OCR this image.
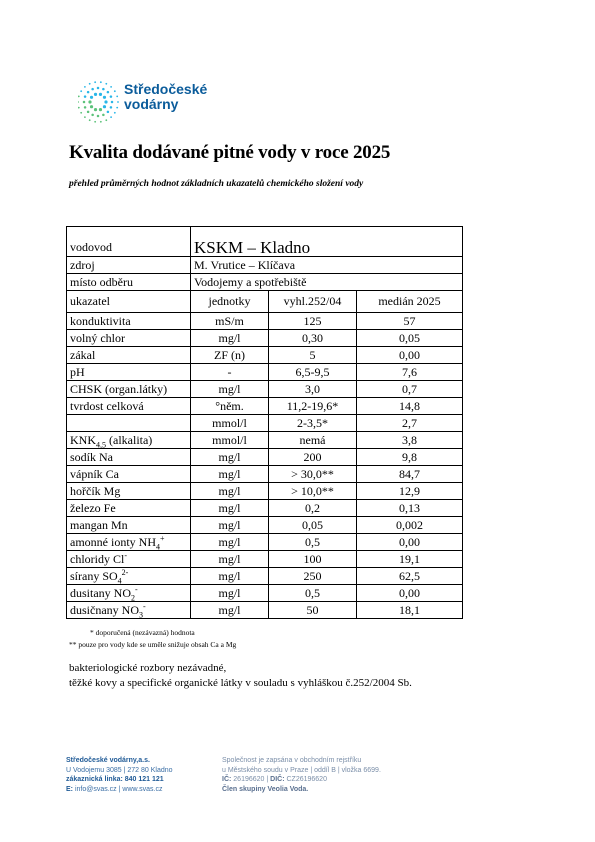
Středočeské
vodárny
Kvalita dodávané pitné vody v roce 2025
přehled průměrných hodnot základních ukazatelů chemického složení vody
vodovod	KSKM – Kladno		
zdroj	M. Vrutice – Klíčava		
místo odběru	Vodojemy a spotřebiště		
ukazatel	jednotky	vyhl.252/04	medián 2025
konduktivita	mS/m	125	57
volný chlor	mg/l	0,30	0,05
zákal	ZF (n)	5	0,00
pH	-	6,5-9,5	7,6
CHSK (organ.látky)	mg/l	3,0	0,7
tvrdost celková	°něm.	11,2-19,6*	14,8
	mmol/l	2-3,5*	2,7
$KNK_{4,5}$ (alkalita)	mmol/l	nemá	3,8
sodík Na	mg/l	200	9,8
vápník Ca	mg/l	> 30,0**	84,7
hořčík Mg	mg/l	> 10,0**	12,9
železo Fe	mg/l	0,2	0,13
mangan Mn	mg/l	0,05	0,002
amonné ionty $NH_4^+$	mg/l	0,5	0,00
chloridy Cl-	mg/l	100	19,1
sírany $SO_4^{2-}$	mg/l	250	62,5
dusitany $NO_2^-$	mg/l	0,5	0,00
dusičnany $NO_3^-$	mg/l	50	18,1
* doporučená (nezávazná) hodnota
** pouze pro vody kde se uměle snižuje obsah Ca a Mg
bakteriologické rozbory nezávadné,
těžké kovy a specifické organické látky v souladu s vyhláškou č.252/2004 Sb.
Středočeské vodárny,a.s.
U Vodojemu 3085 | 272 80 Kladno
zákaznická linka: 840 121 121
E: info@svas.cz | www.svas.cz
Společnost je zapsána v obchodním rejstříku
u Městského soudu v Praze | oddíl B | vložka 6699.
IČ: 26196620 | DIČ: CZ26196620
Člen skupiny Veolia Voda.
